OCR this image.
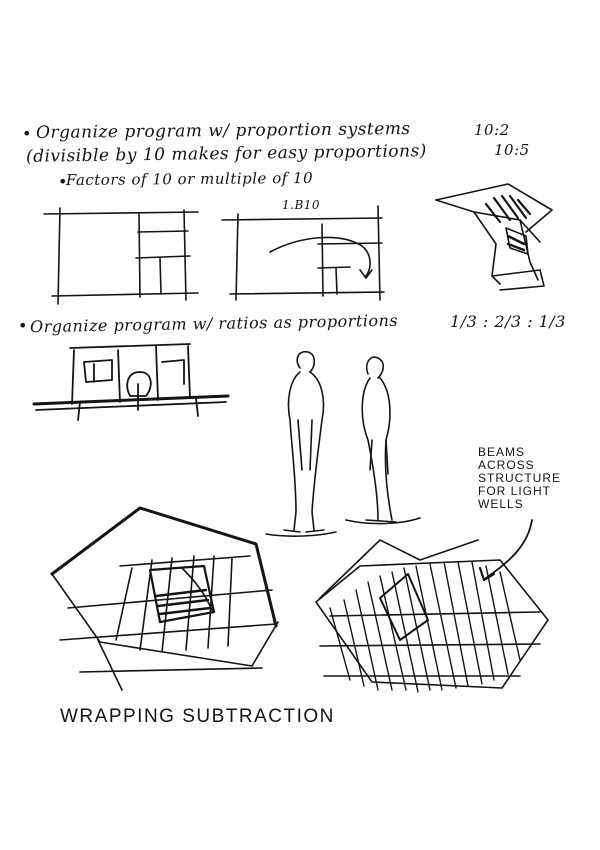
•
•
•
Organize program w/ proportion systems
(divisible by 10 makes for easy proportions)
Factors of 10 or multiple of 10
10:2
10:5
1.B10
Organize program w/ ratios as proportions	1/3 : 2/3 : 1/3
BEAMS
ACROSS
STRUCTURE
FOR LIGHT
WELLS
WRAPPING SUBTRACTION
